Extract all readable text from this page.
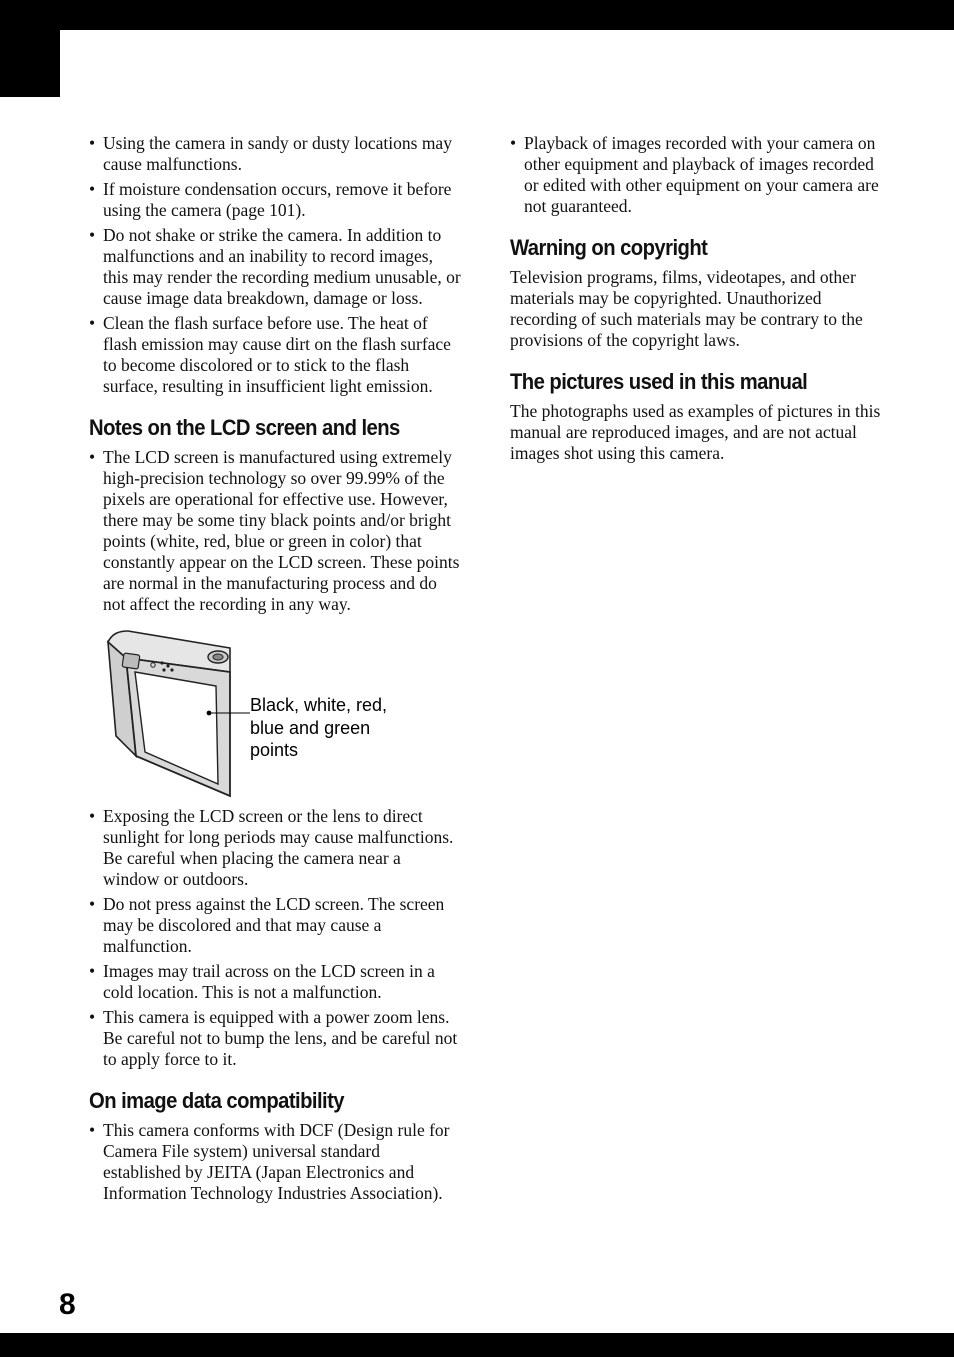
• Using the camera in sandy or dusty locations may cause malfunctions.
• If moisture condensation occurs, remove it before using the camera (page 101).
• Do not shake or strike the camera. In addition to malfunctions and an inability to record images, this may render the recording medium unusable, or cause image data breakdown, damage or loss.
• Clean the flash surface before use. The heat of flash emission may cause dirt on the flash surface to become discolored or to stick to the flash surface, resulting in insufficient light emission.
Notes on the LCD screen and lens
• The LCD screen is manufactured using extremely high-precision technology so over 99.99% of the pixels are operational for effective use. However, there may be some tiny black points and/or bright points (white, red, blue or green in color) that constantly appear on the LCD screen. These points are normal in the manufacturing process and do not affect the recording in any way.
Black, white, red, blue and green points
• Exposing the LCD screen or the lens to direct sunlight for long periods may cause malfunctions. Be careful when placing the camera near a window or outdoors.
• Do not press against the LCD screen. The screen may be discolored and that may cause a malfunction.
• Images may trail across on the LCD screen in a cold location. This is not a malfunction.
• This camera is equipped with a power zoom lens. Be careful not to bump the lens, and be careful not to apply force to it.
On image data compatibility
• This camera conforms with DCF (Design rule for Camera File system) universal standard established by JEITA (Japan Electronics and Information Technology Industries Association).
• Playback of images recorded with your camera on other equipment and playback of images recorded or edited with other equipment on your camera are not guaranteed.
Warning on copyright

Television programs, films, videotapes, and other materials may be copyrighted. Unauthorized recording of such materials may be contrary to the provisions of the copyright laws.

The pictures used in this manual

The photographs used as examples of pictures in this manual are reproduced images, and are not actual images shot using this camera.

8
